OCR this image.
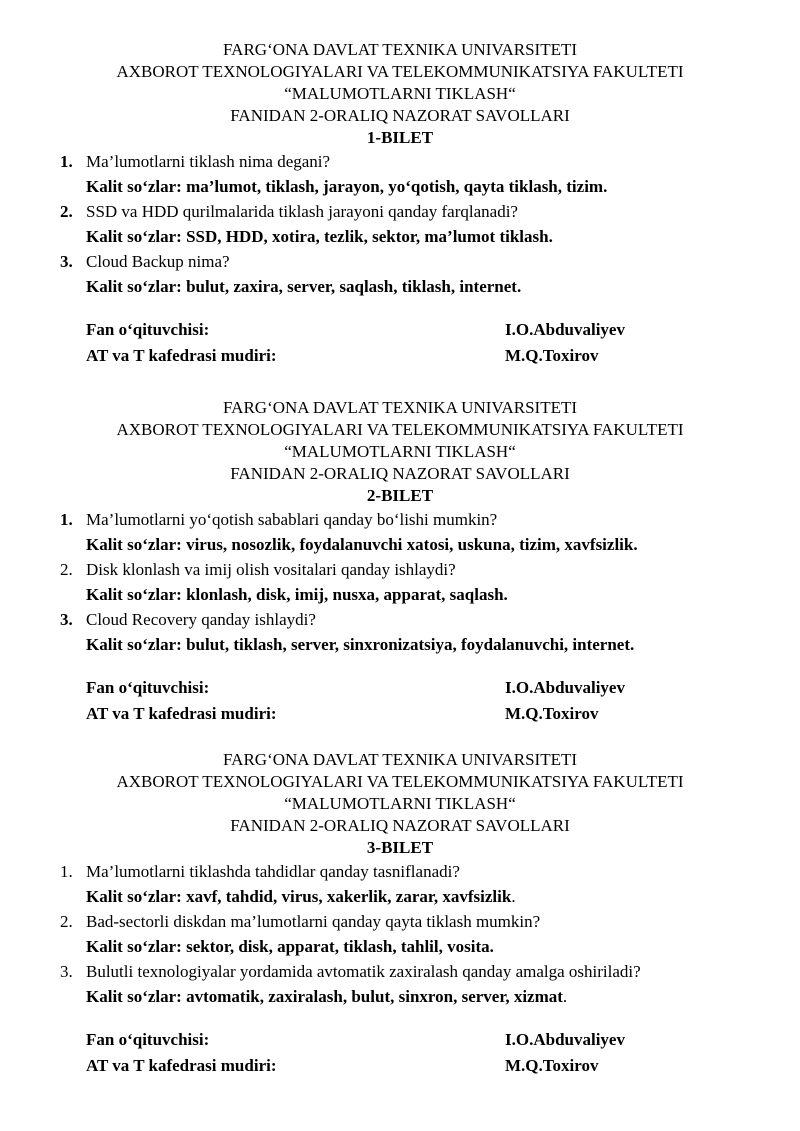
FARG‘ONA DAVLAT TEXNIKA UNIVARSITETI
AXBOROT TEXNOLOGIYALARI VA TELEKOMMUNIKATSIYA FAKULTETI
“MALUMOTLARNI TIKLASH“
FANIDAN 2-ORALIQ NAZORAT SAVOLLARI
1-BILET
1. Ma’lumotlarni tiklash nima degani?
Kalit so‘zlar: ma’lumot, tiklash, jarayon, yo‘qotish, qayta tiklash, tizim.
2. SSD va HDD qurilmalarida tiklash jarayoni qanday farqlanadi?
Kalit so‘zlar: SSD, HDD, xotira, tezlik, sektor, ma’lumot tiklash.
3. Cloud Backup nima?
Kalit so‘zlar: bulut, zaxira, server, saqlash, tiklash, internet.
Fan o‘qituvchisi:	I.O.Abduvaliyev
AT va T kafedrasi mudiri:	M.Q.Toxirov
FARG‘ONA DAVLAT TEXNIKA UNIVARSITETI
AXBOROT TEXNOLOGIYALARI VA TELEKOMMUNIKATSIYA FAKULTETI
“MALUMOTLARNI TIKLASH“
FANIDAN 2-ORALIQ NAZORAT SAVOLLARI
2-BILET
1. Ma’lumotlarni yo‘qotish sabablari qanday bo‘lishi mumkin?
Kalit so‘zlar: virus, nosozlik, foydalanuvchi xatosi, uskuna, tizim, xavfsizlik.
2. Disk klonlash va imij olish vositalari qanday ishlaydi?
Kalit so‘zlar: klonlash, disk, imij, nusxa, apparat, saqlash.
3. Cloud Recovery qanday ishlaydi?
Kalit so‘zlar: bulut, tiklash, server, sinxronizatsiya, foydalanuvchi, internet.
Fan o‘qituvchisi:	I.O.Abduvaliyev
AT va T kafedrasi mudiri:	M.Q.Toxirov
FARG‘ONA DAVLAT TEXNIKA UNIVARSITETI
AXBOROT TEXNOLOGIYALARI VA TELEKOMMUNIKATSIYA FAKULTETI
“MALUMOTLARNI TIKLASH“
FANIDAN 2-ORALIQ NAZORAT SAVOLLARI
3-BILET
1. Ma’lumotlarni tiklashda tahdidlar qanday tasniflanadi?
Kalit so‘zlar: xavf, tahdid, virus, xakerlik, zarar, xavfsizlik.
2. Bad-sectorli diskdan ma’lumotlarni qanday qayta tiklash mumkin?
Kalit so‘zlar: sektor, disk, apparat, tiklash, tahlil, vosita.
3. Bulutli texnologiyalar yordamida avtomatik zaxiralash qanday amalga oshiriladi?
Kalit so‘zlar: avtomatik, zaxiralash, bulut, sinxron, server, xizmat.
Fan o‘qituvchisi:	I.O.Abduvaliyev
AT va T kafedrasi mudiri:	M.Q.Toxirov
